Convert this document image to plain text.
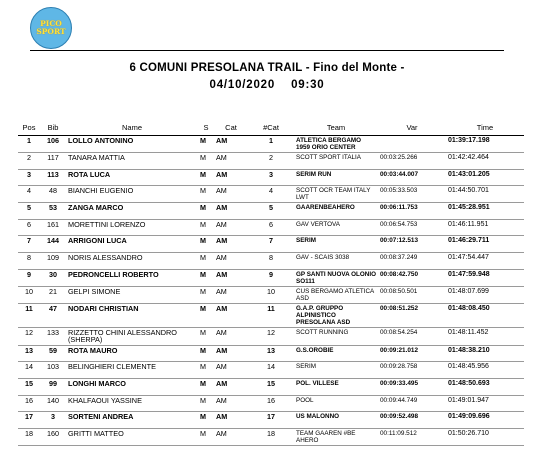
PICO
SPORT
6 COMUNI PRESOLANA TRAIL - Fino del Monte -
04/10/2020 09:30
Pos	Bib	Name	S	Cat	#Cat	Team	Var	Time
1	106	LOLLO ANTONINO	M	AM	1	ATLETICA BERGAMO 1959 ORIO CENTER		01:39:17.198
2	117	TANARA MATTIA	M	AM	2	SCOTT SPORT ITALIA	00:03:25.266	01:42:42.464
3	113	ROTA LUCA	M	AM	3	SERIM RUN	00:03:44.007	01:43:01.205
4	48	BIANCHI EUGENIO	M	AM	4	SCOTT OCR TEAM ITALY LWT	00:05:33.503	01:44:50.701
5	53	ZANGA MARCO	M	AM	5	GAARENBEAHERO	00:06:11.753	01:45:28.951
6	161	MORETTINI LORENZO	M	AM	6	GAV VERTOVA	00:06:54.753	01:46:11.951
7	144	ARRIGONI LUCA	M	AM	7	SERIM	00:07:12.513	01:46:29.711
8	109	NORIS ALESSANDRO	M	AM	8	GAV - SCAIS 3038	00:08:37.249	01:47:54.447
9	30	PEDRONCELLI ROBERTO	M	AM	9	GP SANTI NUOVA OLONIO SO111	00:08:42.750	01:47:59.948
10	21	GELPI SIMONE	M	AM	10	CUS BERGAMO ATLETICA ASD	00:08:50.501	01:48:07.699
11	47	NODARI CHRISTIAN	M	AM	11	G.A.P. GRUPPO ALPINISTICO PRESOLANA ASD	00:08:51.252	01:48:08.450
12	133	RIZZETTO CHINI ALESSANDRO (SHERPA)	M	AM	12	SCOTT RUNNING	00:08:54.254	01:48:11.452
13	59	ROTA MAURO	M	AM	13	G.S.OROBIE	00:09:21.012	01:48:38.210
14	103	BELINGHIERI CLEMENTE	M	AM	14	SERIM	00:09:28.758	01:48:45.956
15	99	LONGHI MARCO	M	AM	15	POL. VILLESE	00:09:33.495	01:48:50.693
16	140	KHALFAOUI YASSINE	M	AM	16	POOL	00:09:44.749	01:49:01.947
17	3	SORTENI ANDREA	M	AM	17	US MALONNO	00:09:52.498	01:49:09.696
18	160	GRITTI MATTEO	M	AM	18	TEAM GAAREN #BE AHERO	00:11:09.512	01:50:26.710
